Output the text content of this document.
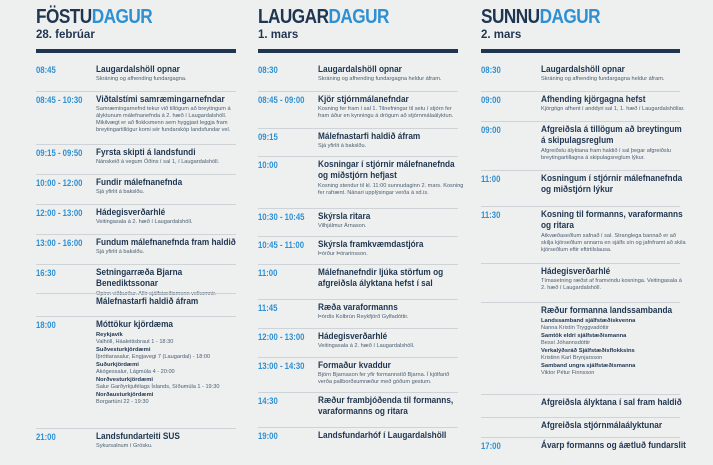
FÖSTUDAGUR
28. febrúar
08:45	Laugardalshöll opnar
Skráning og afhending fundargagna.
08:45 - 10:30 Viðtalstími samræmingarnefndar
Samræmingarnefnd tekur við tillögum að breytingum á ályktunum málefnanefnda á 2. hæð í Laugardalshöll. Mikilvægt er að flokksmenn sem hyggjast leggja fram breytingartillögur komi sér fundarskóp landsfundar vel.
09:15 - 09:50 Fyrsta skipti á landsfundi
Nánskeið á vegum Óðins í sal 1, í Laugardalshöll.
10:00 - 12:00 Fundir málefnanefnda
Sjá yfirlit á bakslðu.
12:00 - 13:00 Hádegisverðarhlé
Veitingasala á 2. hæð í Laugardalshöll.
13:00 - 16:00 Fundum málefnanefnda fram haldið
Sjá yfirlit á bakslðu.
16:30	Setningarræða Bjarna Benediktssonar
Opinn viðburður. Allir sjálfstæðismenn velkomnir.
Málefnastarfi haldið áfram
18:00	Móttökur kjördæma
Reykjavík
Valhöll, Háaleitisbraut 1 - 18:30
Suðvesturkjördæmi
Íþróttarasalur, Engjavegi 7 (Laugardal) - 18:00
Suðurkjördæmi
Akógessalur, Lágmúla 4 - 20:00
Norðvesturkjördæmi
Salur Garðyrkjufélags Íslands, Síðumúla 1 - 19:30
Norðausturkjördæmi
Borgartúni 22 - 19:30
21:00	Landsfundarteiti SUS
Sykursalnum í Grósku.
LAUGARDAGUR
1. mars
08:30	Laugardalshöll opnar
Skráning og afhending fundargagna heldur áfram.
08:45 - 09:00 Kjör stjórnmálanefndar
Kosning fer fram í sal 1. Tilnefningar til setu í stjórn fer fram áður en kynningu á drögum að stjórnmálaályktun.
09:15	Málefnastarfi haldið áfram
Sjá yfirlit á bakslðu.
10:00	Kosningar í stjórnir málefnanefnda og miðstjórn hefjast
Kosning stendur til kl. 11:00 sunnudaginn 2. mars. Kosning fer rafrænt. Nánari upplýsingar verða á xd.is.
10:30 - 10:45 Skýrsla ritara
Vilhjálmur Árnason.
10:45 - 11:00 Skýrsla framkvæmdastjóra
Þórður Þórarinsson.
11:00	Málefnanefndir ljúka störfum og afgreiðsla ályktana hefst í sal
11:45	Ræða varaformanns
Þórdís Kolbrún Reykfjörð Gylfadóttir.
12:00 - 13:00 Hádegisverðarhlé
Veitingasala á 2. hæð í Laugardalshöll.
13:00 - 14:30 Formaður kvaddur
Björn Bjarnason fer yfir formannstíð Bjarna. Í kjölfarið verða pallborðsumræður með góðum gestum.
14:30	Ræður frambjóðenda til formanns, varaformanns og ritara
19:00	Landsfundarhóf í Laugardalshöll
SUNNUDAGUR
2. mars
08:30	Laugardalshöll opnar
Skráning og afhending fundargagna heldur áfram.
09:00	Afhending kjörgagna hefst
Kjörgögn afhent í anddyri sal 1, 1. hæð í Laugardalshöllar.
09:00	Afgreiðsla á tillögum að breytingum á skipulagsreglum
Afgreiðslu ályktana fram haldið í sal þegar afgreiðslu breytingartillagna á skipulagsreglum lýkur.
11:00	Kosningum í stjórnir málefnanefnda og miðstjórn lýkur
11:30	Kosning til formanns, varaformanns og ritara
Atkvæðaseðlum safnað í sal. Stranglega bannað er að skilja kjörseðlum annarra en sjálfs sín og jafnframt að skila kjörseðlum eftir eftirtilslausa.
Hádegisverðarhlé
Tímasetning ræðst af framvindu kosninga. Veitingasala á 2. hæð í Laugardalshöll.
Ræður formanna landssambanda
Landssamband sjálfstæðiskvenna
Nanna Kristín Tryggvadóttir
Samtök eldri sjálfstæðismanna
Bessí Jóhannsdóttir
Verkalýðsráð Sjálfstæðisflokksins
Kristinn Karl Brynjarsson
Samband ungra sjálfstæðismanna
Viktor Pétur Finnsson
Afgreiðsla ályktana í sal fram haldið
Afgreiðsla stjórnmálaályktunar
17:00	Ávarp formanns og áætluð fundarslit
